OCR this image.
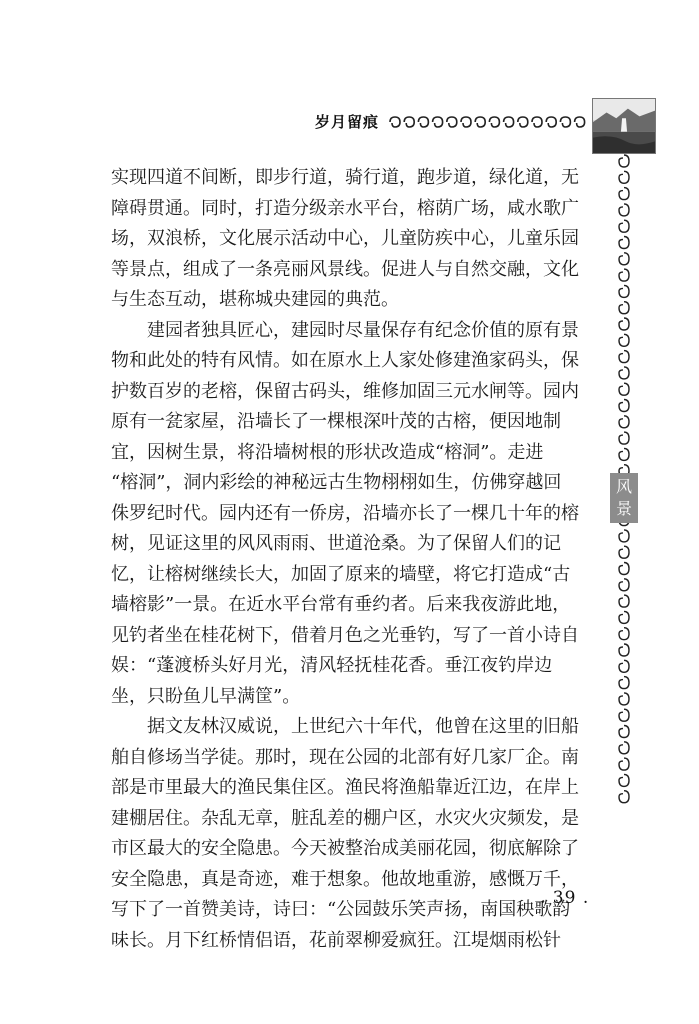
岁月留痕
风景
实现四道不间断，即步行道，骑行道，跑步道，绿化道，无
障碍贯通。同时，打造分级亲水平台，榕荫广场，咸水歌广
场，双浪桥，文化展示活动中心，儿童防疾中心，儿童乐园
等景点，组成了一条亮丽风景线。促进人与自然交融，文化
与生态互动，堪称城央建园的典范。
建园者独具匠心，建园时尽量保存有纪念价值的原有景
物和此处的特有风情。如在原水上人家处修建渔家码头，保
护数百岁的老榕，保留古码头，维修加固三元水闸等。园内
原有一瓫家屋，沿墙长了一棵根深叶茂的古榕，便因地制
宜，因树生景，将沿墙树根的形状改造成“榕洞”。走进
“榕洞”，洞内彩绘的神秘远古生物栩栩如生，仿佛穿越回
侏罗纪时代。园内还有一侨房，沿墙亦长了一棵几十年的榕
树，见证这里的风风雨雨、世道沧桑。为了保留人们的记
忆，让榕树继续长大，加固了原来的墙壁，将它打造成“古
墙榕影”一景。在近水平台常有垂约者。后来我夜游此地，
见钓者坐在桂花树下，借着月色之光垂钓，写了一首小诗自
娱：“蓬渡桥头好月光，清风轻抚桂花香。垂江夜钓岸边
坐，只盼鱼儿早满筐”。
据文友林汉威说，上世纪六十年代，他曾在这里的旧船
舶自修场当学徒。那时，现在公园的北部有好几家厂企。南
部是市里最大的渔民集住区。渔民将渔船靠近江边，在岸上
建棚居住。杂乱无章，脏乱差的棚户区，水灾火灾频发，是
市区最大的安全隐患。今天被整治成美丽花园，彻底解除了
安全隐患，真是奇迹，难于想象。他故地重游，感慨万千，
写下了一首赞美诗，诗曰：“公园鼓乐笑声扬，南国秧歌韵
味长。月下红桥情侣语，花前翠柳爱疯狂。江堤烟雨松针
. 39 .
